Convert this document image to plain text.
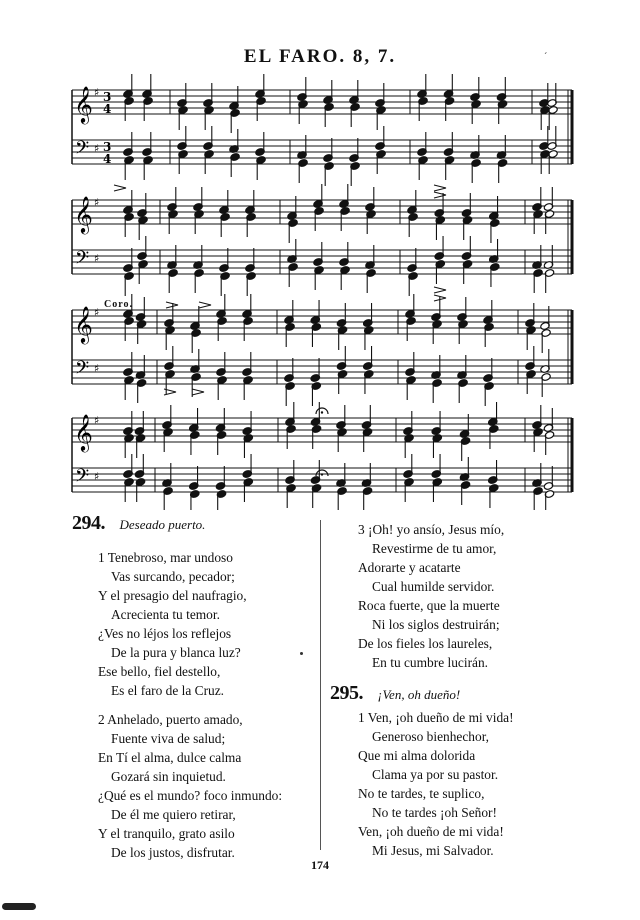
EL FARO. 8, 7.	ˊ
𝄞
𝄢
♯
♯
3
3
4
4
𝄞
𝄢
♯
♯
𝄞
𝄢
♯
♯
𝄞
𝄢
♯
♯
Coro.
294 . Deseado puerto.
1 Tenebroso, mar undoso
Vas surcando, pecador;
Y el presagio del naufragio,
Acrecienta tu temor.
¿Ves no léjos los reflejos
De la pura y blanca luz?
Ese bello, fiel destello,
Es el faro de la Cruz.
2 Anhelado, puerto amado,
Fuente viva de salud;
En Tí el alma, dulce calma
Gozará sin inquietud.
¿Qué es el mundo? foco inmundo:
De él me quiero retirar,
Y el tranquilo, grato asilo
De los justos, disfrutar.
3 ¡Oh! yo ansío, Jesus mío,
Revestirme de tu amor,
Adorarte y acatarte
Cual humilde servidor.
Roca fuerte, que la muerte
Ni los siglos destruirán;
De los fieles los laureles,
En tu cumbre lucirán.
295 . ¡Ven, oh dueño!
1 Ven, ¡oh dueño de mi vida!
Generoso bienhechor,
Que mi alma dolorida
Clama ya por su pastor.
No te tardes, te suplico,
No te tardes ¡oh Señor!
Ven, ¡oh dueño de mi vida!
Mi Jesus, mi Salvador.
174
